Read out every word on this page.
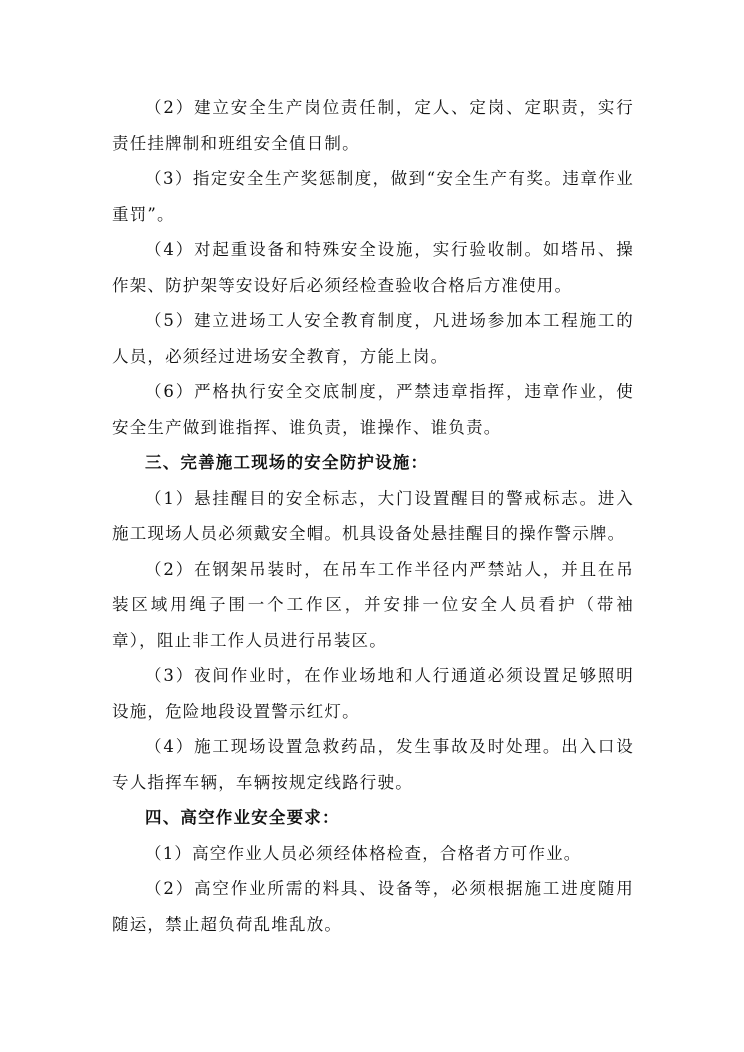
（2）建立安全生产岗位责任制，定人、定岗、定职责，实行责任挂牌制和班组安全值日制。

（3）指定安全生产奖惩制度，做到“安全生产有奖。违章作业重罚”。

（4）对起重设备和特殊安全设施，实行验收制。如塔吊、操作架、防护架等安设好后必须经检查验收合格后方准使用。

（5）建立进场工人安全教育制度，凡进场参加本工程施工的人员，必须经过进场安全教育，方能上岗。

（6）严格执行安全交底制度，严禁违章指挥，违章作业，使安全生产做到谁指挥、谁负责，谁操作、谁负责。

三、完善施工现场的安全防护设施：

（1）悬挂醒目的安全标志，大门设置醒目的警戒标志。进入施工现场人员必须戴安全帽。机具设备处悬挂醒目的操作警示牌。

（2）在钢架吊装时，在吊车工作半径内严禁站人，并且在吊装区域用绳子围一个工作区，并安排一位安全人员看护（带袖章），阻止非工作人员进行吊装区。

（3）夜间作业时，在作业场地和人行通道必须设置足够照明设施，危险地段设置警示红灯。

（4）施工现场设置急救药品，发生事故及时处理。出入口设专人指挥车辆，车辆按规定线路行驶。

四、高空作业安全要求：

（1）高空作业人员必须经体格检查，合格者方可作业。

（2）高空作业所需的料具、设备等，必须根据施工进度随用随运，禁止超负荷乱堆乱放。
